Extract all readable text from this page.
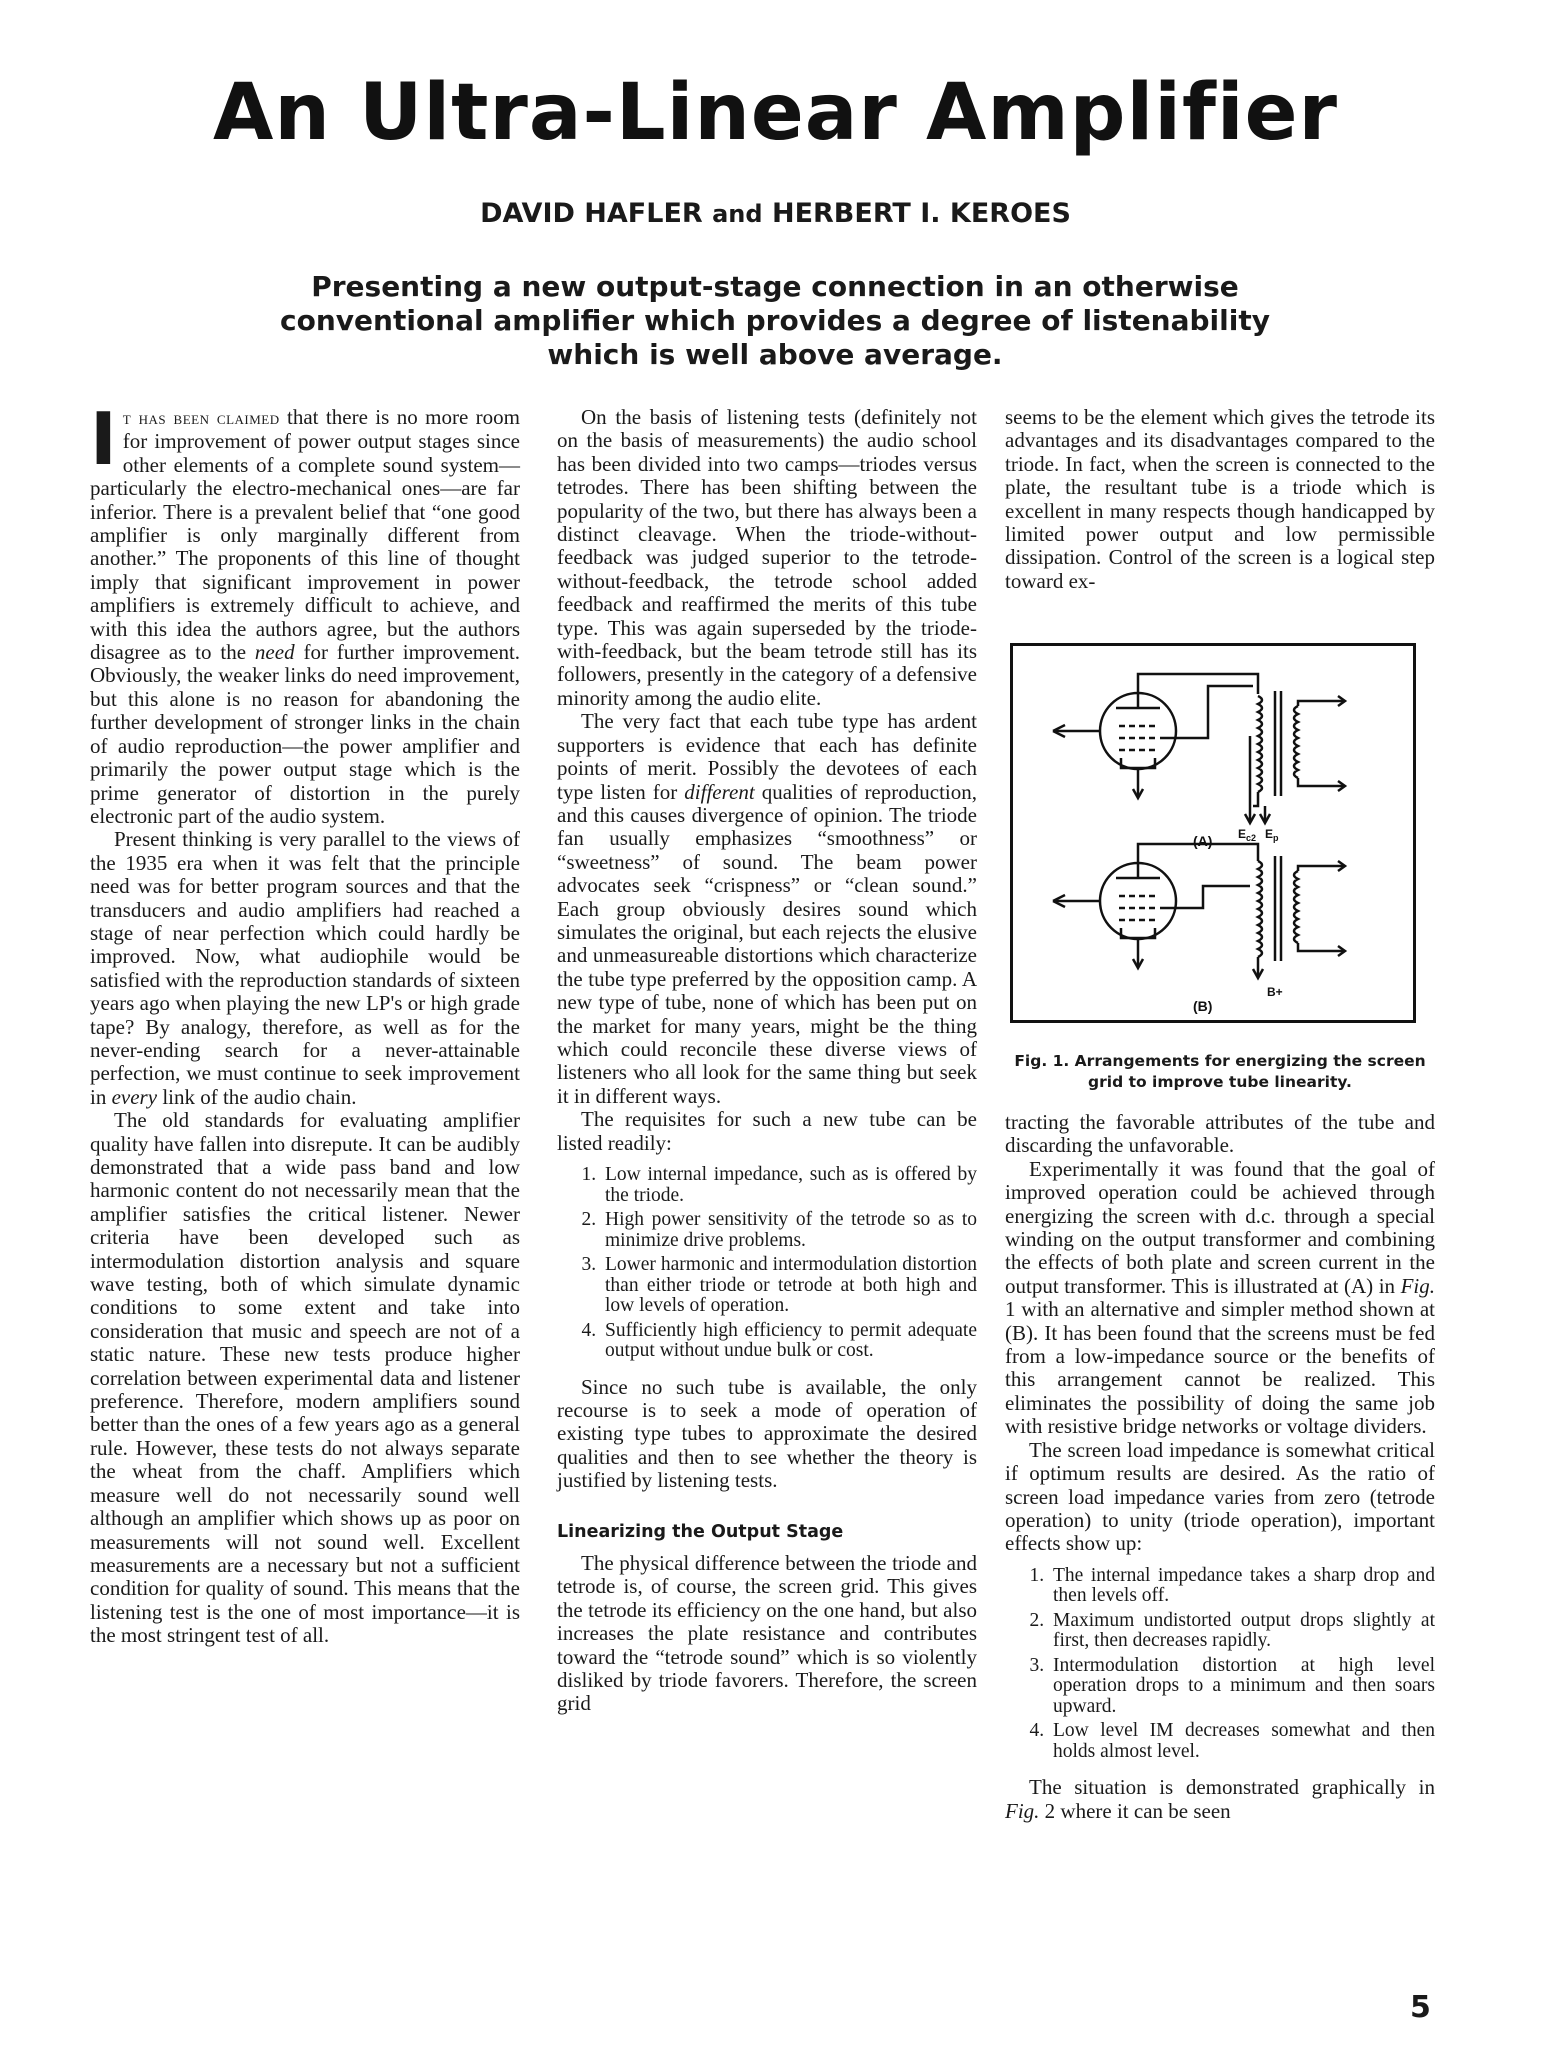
An Ultra-Linear Amplifier
DAVID HAFLER and HERBERT I. KEROES
Presenting a new output-stage connection in an otherwise conventional amplifier which provides a degree of listenability which is well above average.

It has been claimed that there is no more room for improvement of power output stages since other elements of a complete sound system—particularly the electro-mechanical ones—are far inferior. There is a prevalent belief that “one good amplifier is only marginally different from another.” The proponents of this line of thought imply that significant improvement in power amplifiers is extremely difficult to achieve, and with this idea the authors agree, but the authors disagree as to the need for further improvement. Obviously, the weaker links do need improvement, but this alone is no reason for abandoning the further development of stronger links in the chain of audio reproduction—the power amplifier and primarily the power output stage which is the prime generator of distortion in the purely electronic part of the audio system.

Present thinking is very parallel to the views of the 1935 era when it was felt that the principle need was for better program sources and that the transducers and audio amplifiers had reached a stage of near perfection which could hardly be improved. Now, what audiophile would be satisfied with the reproduction standards of sixteen years ago when playing the new LP's or high grade tape? By analogy, therefore, as well as for the never-ending search for a never-attainable perfection, we must continue to seek improvement in every link of the audio chain.

The old standards for evaluating amplifier quality have fallen into disrepute. It can be audibly demonstrated that a wide pass band and low harmonic content do not necessarily mean that the amplifier satisfies the critical listener. Newer criteria have been developed such as intermodulation distortion analysis and square wave testing, both of which simulate dynamic conditions to some extent and take into consideration that music and speech are not of a static nature. These new tests produce higher correlation between experimental data and listener preference. Therefore, modern amplifiers sound better than the ones of a few years ago as a general rule. However, these tests do not always separate the wheat from the chaff. Amplifiers which measure well do not necessarily sound well although an amplifier which shows up as poor on measurements will not sound well. Excellent measurements are a necessary but not a sufficient condition for quality of sound. This means that the listening test is the one of most importance—it is the most stringent test of all.

On the basis of listening tests (definitely not on the basis of measurements) the audio school has been divided into two camps—triodes versus tetrodes. There has been shifting between the popularity of the two, but there has always been a distinct cleavage. When the triode-without-feedback was judged superior to the tetrode-without-feedback, the tetrode school added feedback and reaffirmed the merits of this tube type. This was again superseded by the triode-with-feedback, but the beam tetrode still has its followers, presently in the category of a defensive minority among the audio elite.

The very fact that each tube type has ardent supporters is evidence that each has definite points of merit. Possibly the devotees of each type listen for different qualities of reproduction, and this causes divergence of opinion. The triode fan usually emphasizes “smoothness” or “sweetness” of sound. The beam power advocates seek “crispness” or “clean sound.” Each group obviously desires sound which simulates the original, but each rejects the elusive and unmeasureable distortions which characterize the tube type preferred by the opposition camp. A new type of tube, none of which has been put on the market for many years, might be the thing which could reconcile these diverse views of listeners who all look for the same thing but seek it in different ways.

The requisites for such a new tube can be listed readily:

1. Low internal impedance, such as is offered by the triode.
2. High power sensitivity of the tetrode so as to minimize drive problems.
3. Lower harmonic and intermodulation distortion than either triode or tetrode at both high and low levels of operation.
4. Sufficiently high efficiency to permit adequate output without undue bulk or cost.

Since no such tube is available, the only recourse is to seek a mode of operation of existing type tubes to approximate the desired qualities and then to see whether the theory is justified by listening tests.

Linearizing the Output Stage

The physical difference between the triode and tetrode is, of course, the screen grid. This gives the tetrode its efficiency on the one hand, but also increases the plate resistance and contributes toward the “tetrode sound” which is so violently disliked by triode favorers. Therefore, the screen grid

seems to be the element which gives the tetrode its advantages and its disadvantages compared to the triode. In fact, when the screen is connected to the plate, the resultant tube is a triode which is excellent in many respects though handicapped by limited power output and low permissible dissipation. Control of the screen is a logical step toward ex-

(A)
(B)
$E_{c2}$ $E_p$
B+
Fig. 1. Arrangements for energizing the screen grid to improve tube linearity.

tracting the favorable attributes of the tube and discarding the unfavorable.

Experimentally it was found that the goal of improved operation could be achieved through energizing the screen with d.c. through a special winding on the output transformer and combining the effects of both plate and screen current in the output transformer. This is illustrated at (A) in Fig. 1 with an alternative and simpler method shown at (B). It has been found that the screens must be fed from a low-impedance source or the benefits of this arrangement cannot be realized. This eliminates the possibility of doing the same job with resistive bridge networks or voltage dividers.

The screen load impedance is somewhat critical if optimum results are desired. As the ratio of screen load impedance varies from zero (tetrode operation) to unity (triode operation), important effects show up:

1. The internal impedance takes a sharp drop and then levels off.
2. Maximum undistorted output drops slightly at first, then decreases rapidly.
3. Intermodulation distortion at high level operation drops to a minimum and then soars upward.
4. Low level IM decreases somewhat and then holds almost level.

The situation is demonstrated graphically in Fig. 2 where it can be seen

5
